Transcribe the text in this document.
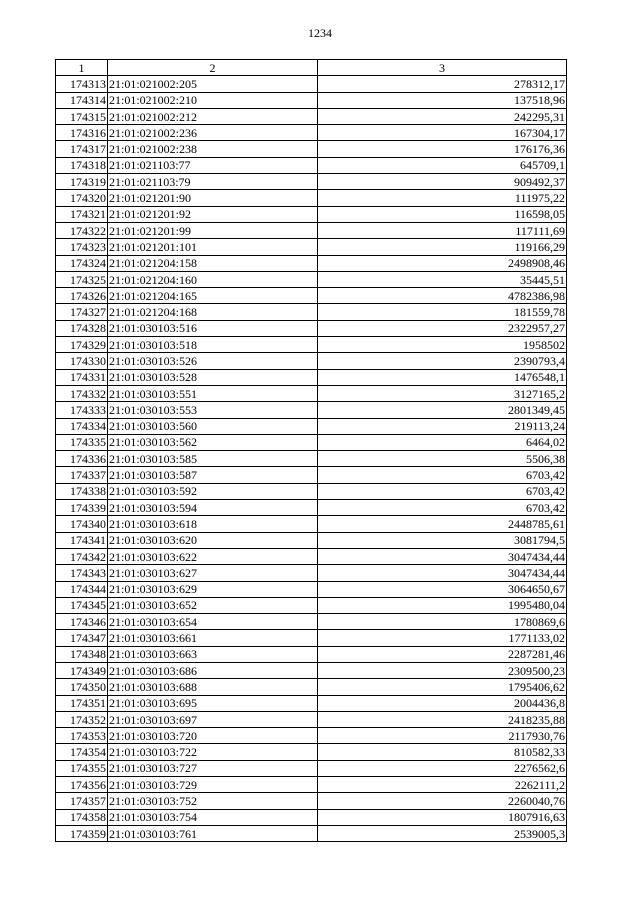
1234
1	2	3
174313	21:01:021002:205	278312,17
174314	21:01:021002:210	137518,96
174315	21:01:021002:212	242295,31
174316	21:01:021002:236	167304,17
174317	21:01:021002:238	176176,36
174318	21:01:021103:77	645709,1
174319	21:01:021103:79	909492,37
174320	21:01:021201:90	111975,22
174321	21:01:021201:92	116598,05
174322	21:01:021201:99	117111,69
174323	21:01:021201:101	119166,29
174324	21:01:021204:158	2498908,46
174325	21:01:021204:160	35445,51
174326	21:01:021204:165	4782386,98
174327	21:01:021204:168	181559,78
174328	21:01:030103:516	2322957,27
174329	21:01:030103:518	1958502
174330	21:01:030103:526	2390793,4
174331	21:01:030103:528	1476548,1
174332	21:01:030103:551	3127165,2
174333	21:01:030103:553	2801349,45
174334	21:01:030103:560	219113,24
174335	21:01:030103:562	6464,02
174336	21:01:030103:585	5506,38
174337	21:01:030103:587	6703,42
174338	21:01:030103:592	6703,42
174339	21:01:030103:594	6703,42
174340	21:01:030103:618	2448785,61
174341	21:01:030103:620	3081794,5
174342	21:01:030103:622	3047434,44
174343	21:01:030103:627	3047434,44
174344	21:01:030103:629	3064650,67
174345	21:01:030103:652	1995480,04
174346	21:01:030103:654	1780869,6
174347	21:01:030103:661	1771133,02
174348	21:01:030103:663	2287281,46
174349	21:01:030103:686	2309500,23
174350	21:01:030103:688	1795406,62
174351	21:01:030103:695	2004436,8
174352	21:01:030103:697	2418235,88
174353	21:01:030103:720	2117930,76
174354	21:01:030103:722	810582,33
174355	21:01:030103:727	2276562,6
174356	21:01:030103:729	2262111,2
174357	21:01:030103:752	2260040,76
174358	21:01:030103:754	1807916,63
174359	21:01:030103:761	2539005,3
